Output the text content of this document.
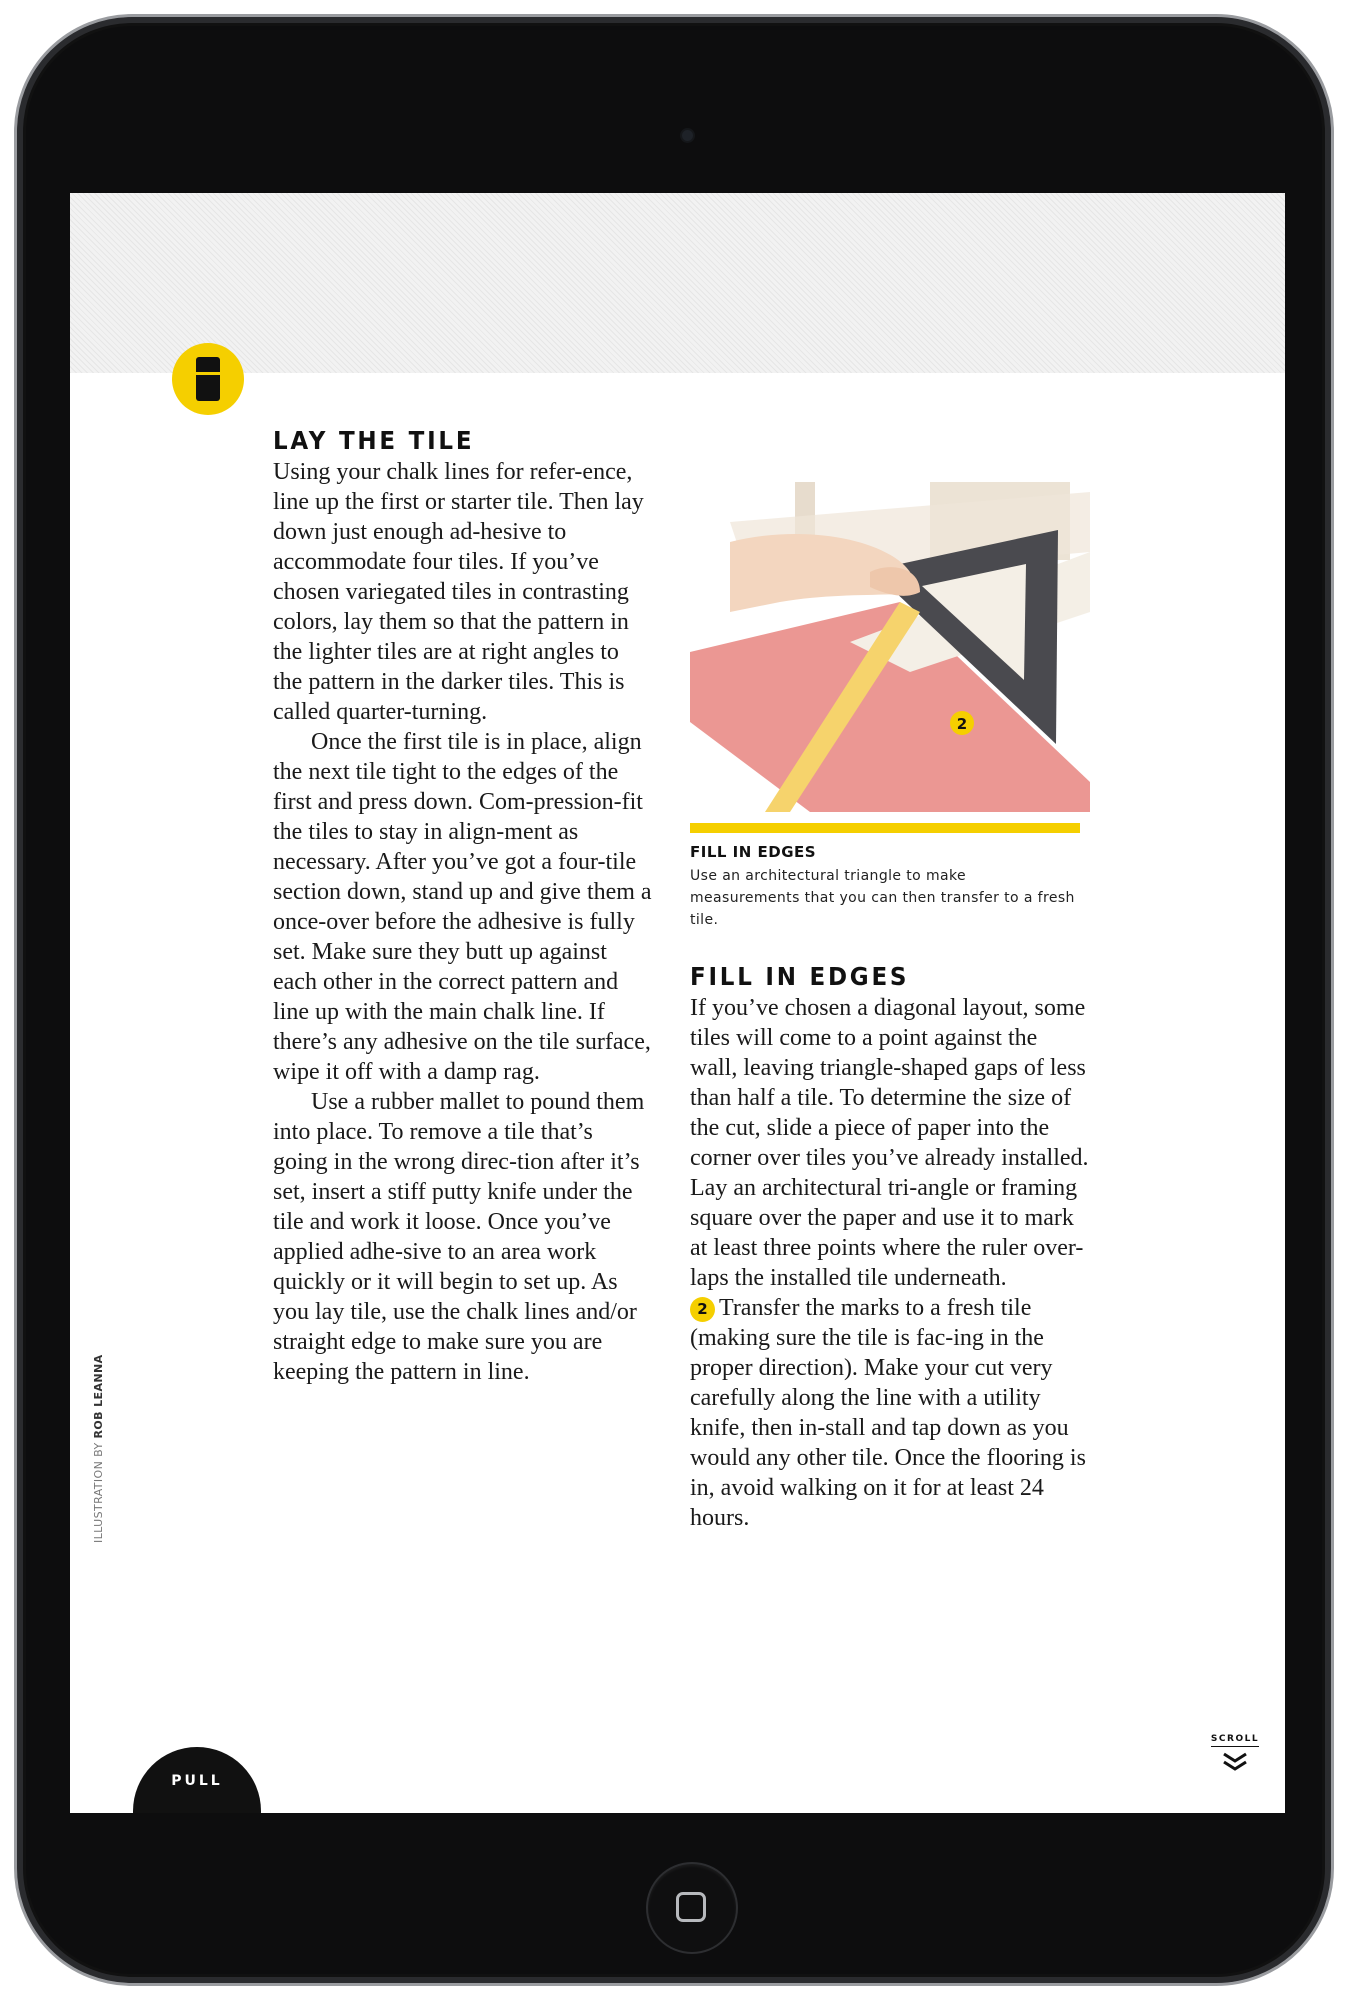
LAY THE TILE

Using your chalk lines for refer-ence, line up the first or starter tile. Then lay down just enough ad-hesive to accommodate four tiles. If you’ve chosen variegated tiles in contrasting colors, lay them so that the pattern in the lighter tiles are at right angles to the pattern in the darker tiles. This is called quarter-turning.

Once the first tile is in place, align the next tile tight to the edges of the first and press down. Com-pression-fit the tiles to stay in align-ment as necessary. After you’ve got a four-tile section down, stand up and give them a once-over before the adhesive is fully set. Make sure they butt up against each other in the correct pattern and line up with the main chalk line. If there’s any adhesive on the tile surface, wipe it off with a damp rag.

Use a rubber mallet to pound them into place. To remove a tile that’s going in the wrong direc-tion after it’s set, insert a stiff putty knife under the tile and work it loose. Once you’ve applied adhe-sive to an area work quickly or it will begin to set up. As you lay tile, use the chalk lines and/or straight edge to make sure you are keeping the pattern in line.

2
FILL IN EDGES
Use an architectural triangle to make measurements that you can then transfer to a fresh tile.
FILL IN EDGES

If you’ve chosen a diagonal layout, some tiles will come to a point against the wall, leaving triangle-shaped gaps of less than half a tile. To determine the size of the cut, slide a piece of paper into the corner over tiles you’ve already installed. Lay an architectural tri-angle or framing square over the paper and use it to mark at least three points where the ruler over-laps the installed tile underneath.

2 Transfer the marks to a fresh tile (making sure the tile is fac-ing in the proper direction). Make your cut very carefully along the line with a utility knife, then in-stall and tap down as you would any other tile. Once the flooring is in, avoid walking on it for at least 24 hours.

ILLUSTRATION BY ROB LEANNA
PULL
SCROLL
